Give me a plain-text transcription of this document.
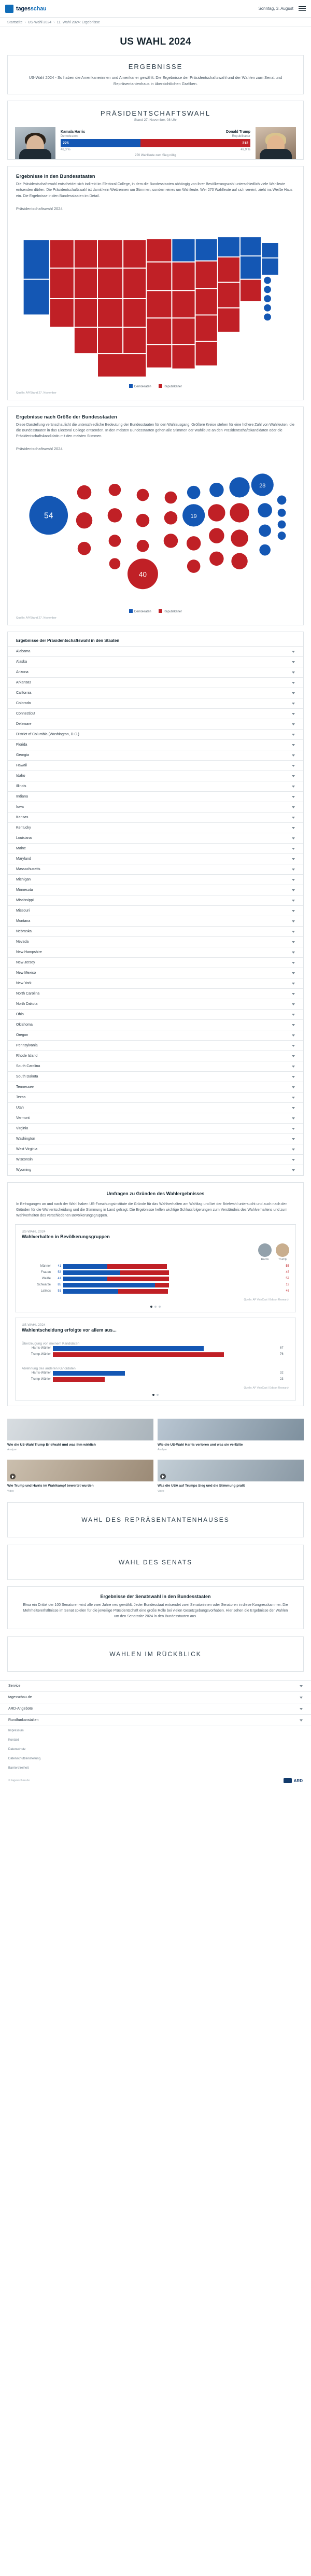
tagesschau	Sonntag, 3. August
Startseite › US-Wahl 2024 › 11. Wahl 2024: Ergebnisse
US WAHL 2024
ERGEBNISSE
US-Wahl 2024 - So haben die Amerikanerinnen und Amerikaner gewählt: Die Ergebnisse der Präsidentschaftswahl und der Wahlen zum Senat und Repräsentantenhaus in übersichtlichen Grafiken.
PRÄSIDENTSCHAFTSWAHL
Stand 27. November, 08 Uhr
Kamala Harris	Donald Trump
Demokraten	Republikaner
226	312
48,3 %	49,9 %
270 Wahlleute zum Sieg nötig
Ergebnisse in den Bundesstaaten
Die Präsidentschaftswahl entscheidet sich indirekt im Electoral College, in dem die Bundesstaaten abhängig von ihrer Bevölkerungszahl unterschiedlich viele Wahlleute entsenden dürfen. Die Präsidentschaftswahl ist damit kein Wettrennen um Stimmen, sondern eines um Wahlleute. Wer 270 Wahlleute auf sich vereint, zieht ins Weiße Haus ein. Die Ergebnisse in den Bundesstaaten im Detail.
Präsidentschaftswahl 2024
Demokraten	Republikaner
Quelle: AP/Stand 27. November
Ergebnisse nach Größe der Bundesstaaten
Diese Darstellung veränschaulicht die unterschiedliche Bedeutung der Bundesstaaten für den Wahlausgang. Größere Kreise stehen für eine höhere Zahl von Wahlleuten, die die Bundesstaaten in das Electoral College entsenden. In den meisten Bundesstaaten gehen alle Stimmen der Wahlleute an den Präsidentschaftskandidaten oder die Präsidentschaftskandidatin mit den meisten Stimmen.
Präsidentschaftswahl 2024
54
40
19
28
Demokraten	Republikaner
Quelle: AP/Stand 27. November
Ergebnisse der Präsidentschaftswahl in den Staaten
Alabama
Alaska
Arizona
Arkansas
California
Colorado
Connecticut
Delaware
District of Columbia (Washington, D.C.)
Florida
Georgia
Hawaii
Idaho
Illinois
Indiana
Iowa
Kansas
Kentucky
Louisiana
Maine
Maryland
Massachusetts
Michigan
Minnesota
Mississippi
Missouri
Montana
Nebraska
Nevada
New Hampshire
New Jersey
New Mexico
New York
North Carolina
North Dakota
Ohio
Oklahoma
Oregon
Pennsylvania
Rhode Island
South Carolina
South Dakota
Tennessee
Texas
Utah
Vermont
Virginia
Washington
West Virginia
Wisconsin
Wyoming
Umfragen zu Gründen des Wahlergebnisses
In Befragungen an und nach der Wahl haben US-Forschungsinstitute die Gründe für das Wahlverhalten am Wahltag und bei der Briefwahl untersucht und auch nach den Gründen für die Wahlentscheidung und die Stimmung in Land gefragt. Die Ergebnisse hellen wichtige Schlussfolgerungen zum Verständnis des Wahlverhaltens und zum Wahlverhalten des verschiedenen Bevölkerungsgruppen.
US-WAHL 2024
Wahlverhalten in Bevölkerungsgruppen
Harris	Trump
Männer	41	55
Frauen	53	45
Weiße	41	57
Schwarze	85	13
Latinos	51	46
Quelle: AP VoteCast / Edison Research
US-WAHL 2024
Wahlentscheidung erfolgte vor allem aus...
Überzeugung von meinem Kandidaten
Harris-Wähler	67
Trump-Wähler	76
Ablehnung des anderen Kandidaten
Harris-Wähler	32
Trump-Wähler	23
Quelle: AP VoteCast / Edison Research
Wie die US-Wahl Trump Briefwahl und was ihm wirklich
Analyse
Wie die US-Wahl Harris verloren und was sie verfällte
Analyse
Wie Trump und Harris im Wahlkampf bewertet wurden
Video
Was die USA auf Trumps Sieg und die Stimmung prallt
Video
WAHL DES REPRÄSENTANTENHAUSES
WAHL DES SENATS
Ergebnisse der Senatswahl in den Bundesstaaten
Etwa ein Drittel der 100 Senatoren wird alle zwei Jahre neu gewählt. Jeder Bundesstaat entsendet zwei Senatorinnen oder Senatoren in diese Kongresskammer. Die Mehrheitsverhältnisse im Senat spielen für die jeweilige Präsidentschaft eine große Rolle bei vielen Gesetzgebungsvorhaben. Hier sehen die Ergebnisse der Wahlen um den Senatssitz 2024 in den Bundesstaaten aus.
WAHLEN IM RÜCKBLICK
Service
tagesschau.de
ARD-Angebote
Rundfunkanstalten
Impressum
Kontakt
Datenschutz
Datenschutzeinstellung
Barrierefreiheit
© tagesschau.de	ARD
